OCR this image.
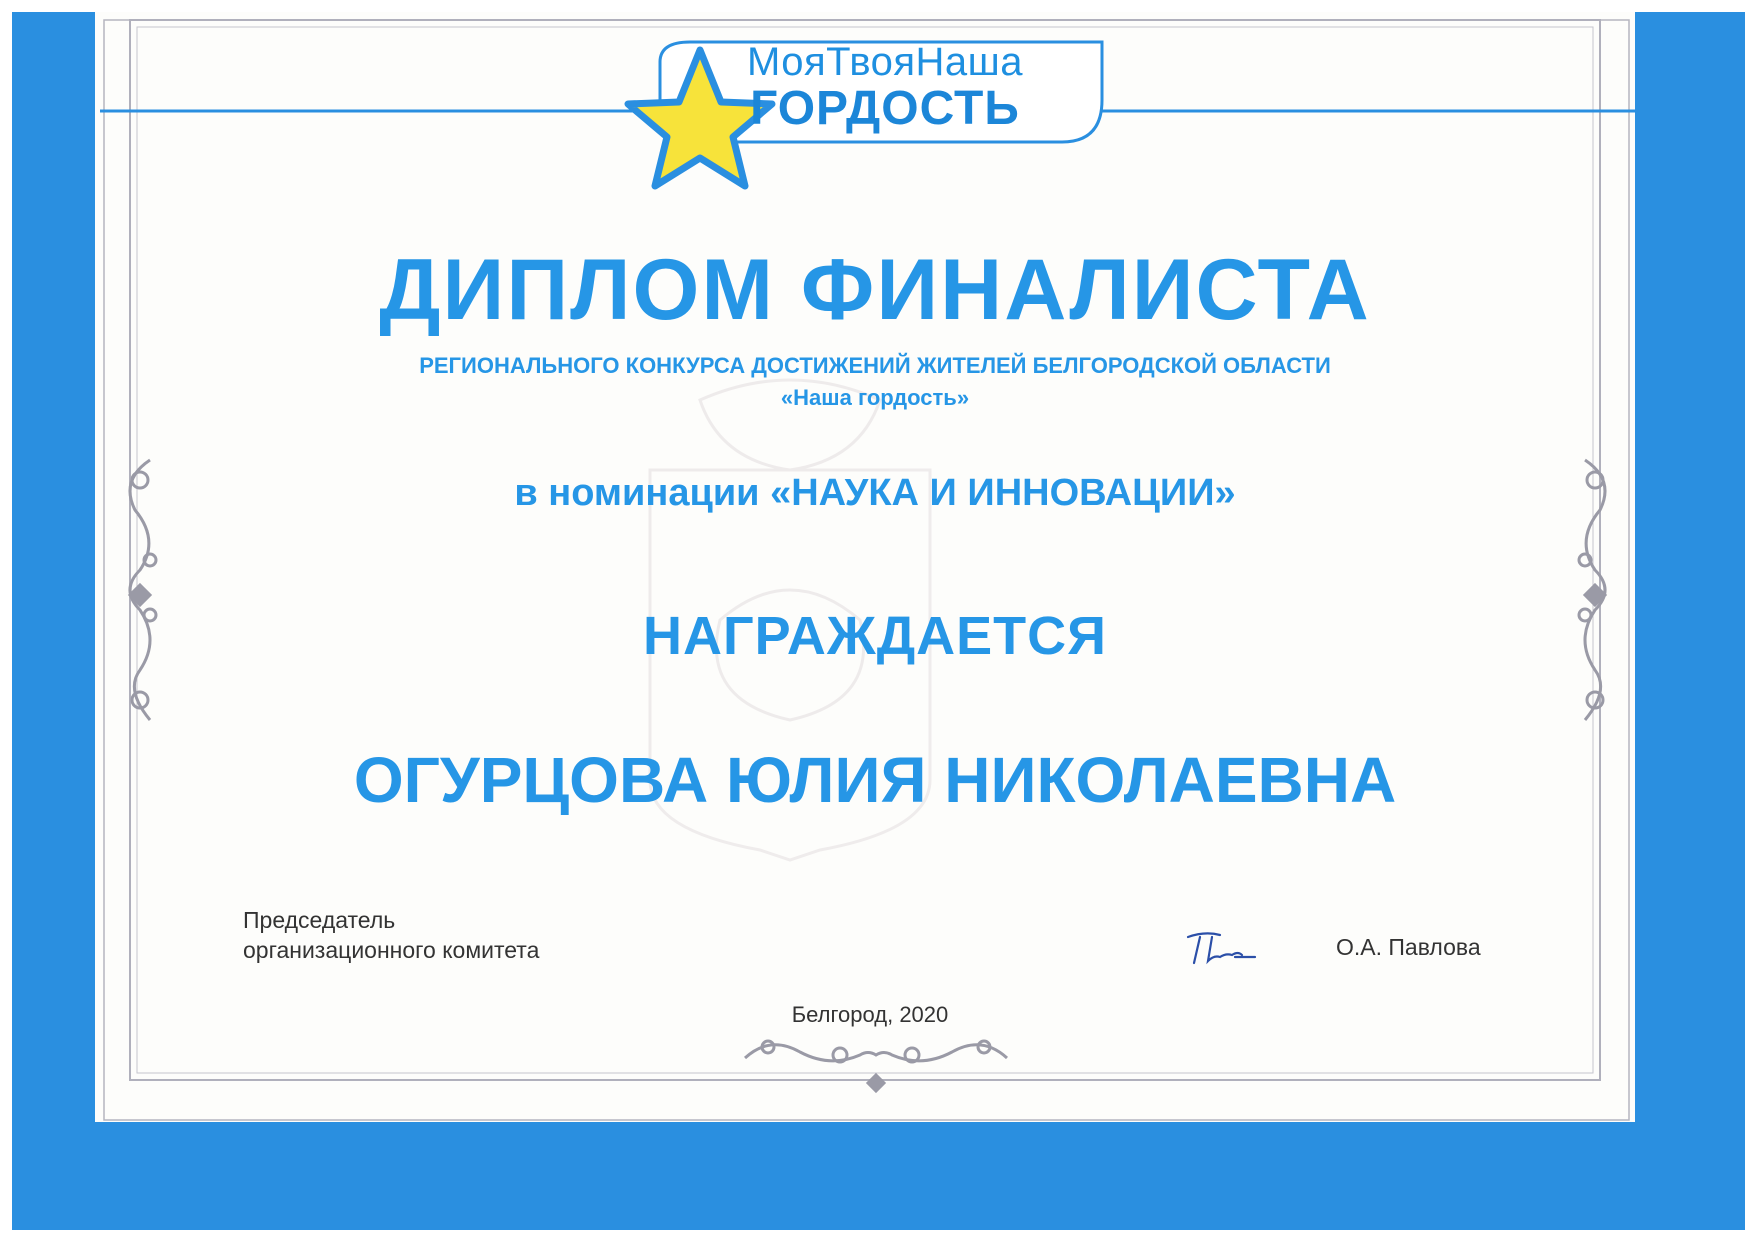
МояТвояНаша
ГОРДОСТЬ
ДИПЛОМ ФИНАЛИСТА
РЕГИОНАЛЬНОГО КОНКУРСА ДОСТИЖЕНИЙ ЖИТЕЛЕЙ БЕЛГОРОДСКОЙ ОБЛАСТИ
«Наша гордость»
в номинации «НАУКА И ИННОВАЦИИ»
НАГРАЖДАЕТСЯ
ОГУРЦОВА ЮЛИЯ НИКОЛАЕВНА
Председатель
организационного комитета	О.А. Павлова
Белгород, 2020
